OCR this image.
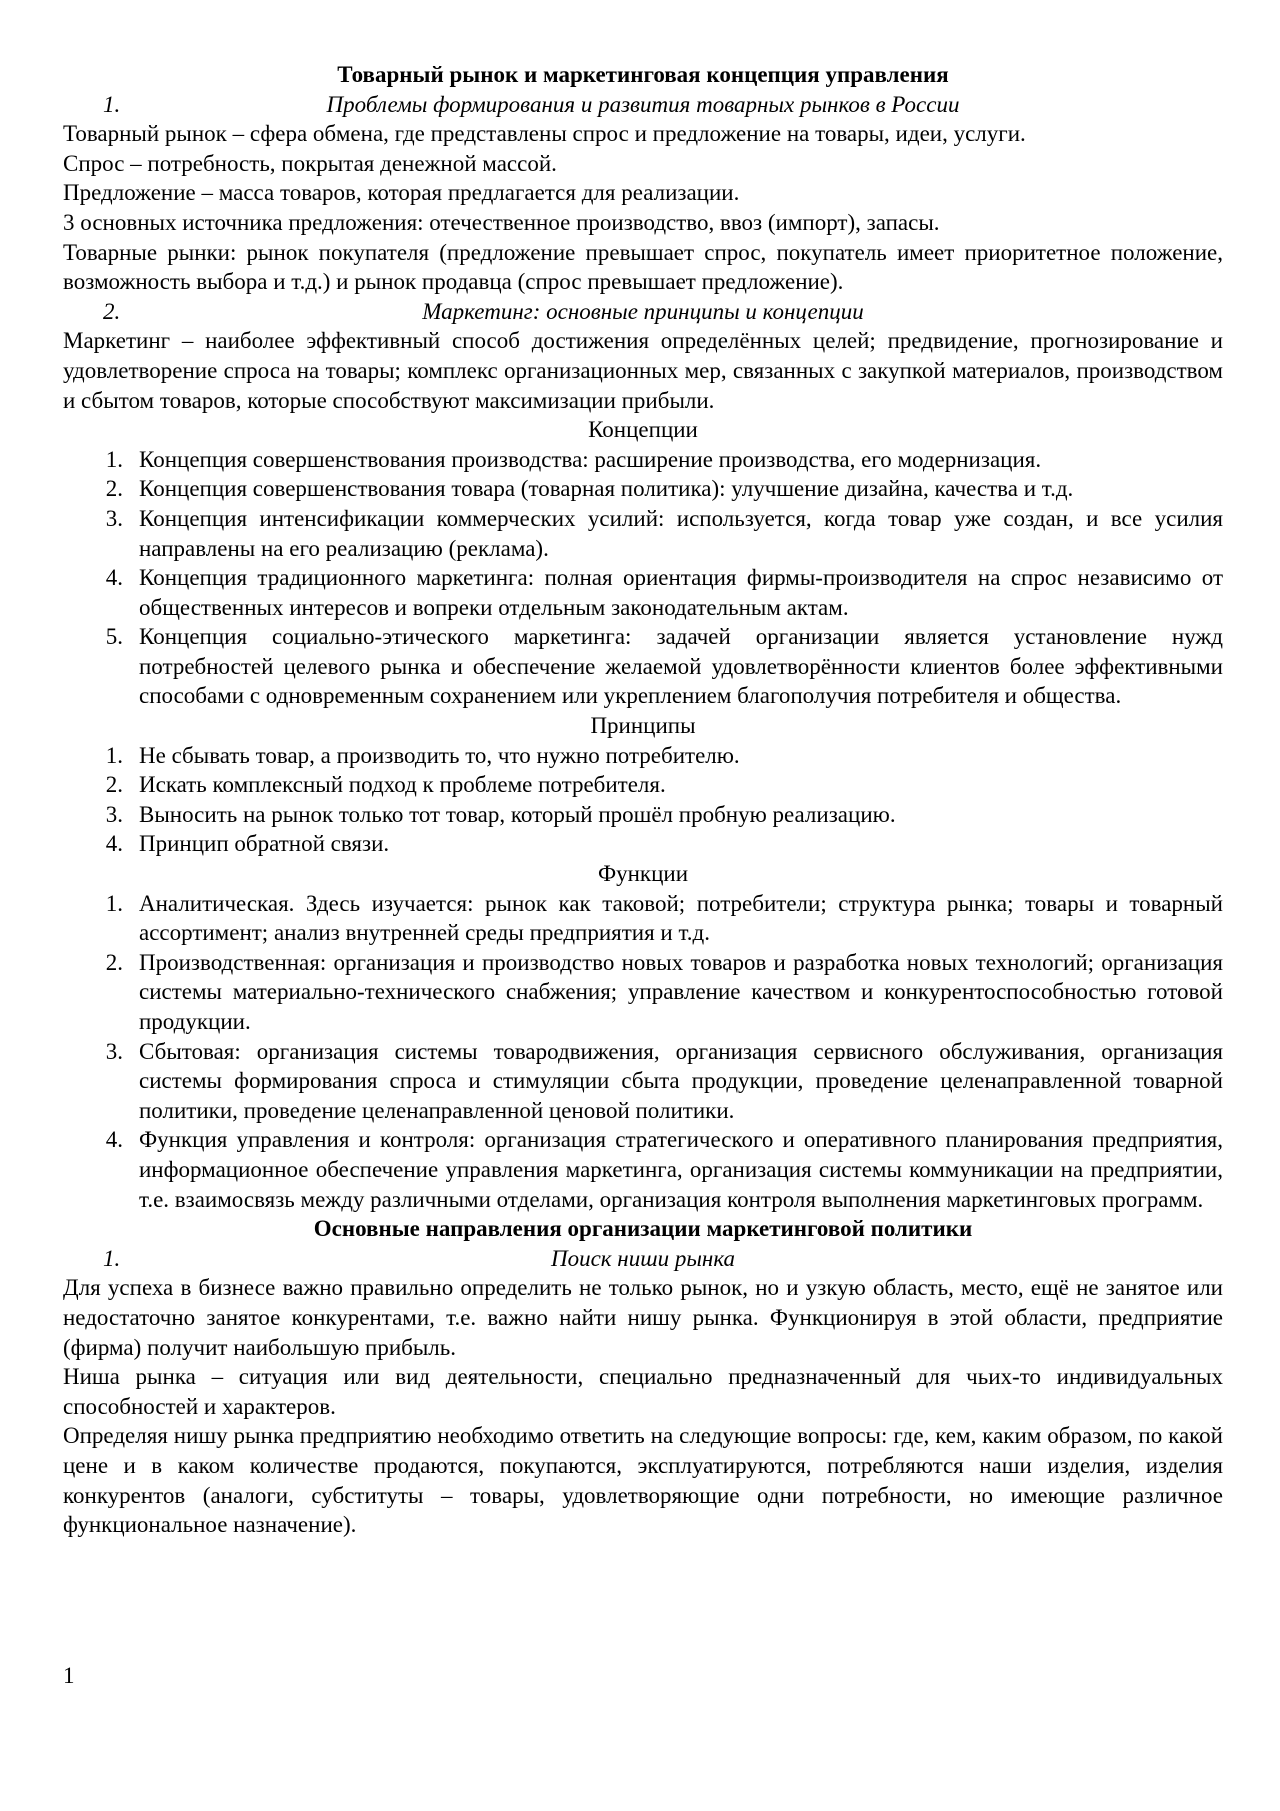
Товарный рынок и маркетинговая концепция управления

1.	Проблемы формирования и развития товарных рынков в России

Товарный рынок – сфера обмена, где представлены спрос и предложение на товары, идеи, услуги.

Спрос – потребность, покрытая денежной массой.

Предложение – масса товаров, которая предлагается для реализации.

3 основных источника предложения: отечественное производство, ввоз (импорт), запасы.

Товарные рынки: рынок покупателя (предложение превышает спрос, покупатель имеет приоритетное положение, возможность выбора и т.д.) и рынок продавца (спрос превышает предложение).

2.	Маркетинг: основные принципы и концепции

Маркетинг – наиболее эффективный способ достижения определённых целей; предвидение, прогнозирование и удовлетворение спроса на товары; комплекс организационных мер, связанных с закупкой материалов, производством и сбытом товаров, которые способствуют максимизации прибыли.

Концепции

1. Концепция совершенствования производства: расширение производства, его модернизация.
2. Концепция совершенствования товара (товарная политика): улучшение дизайна, качества и т.д.
3. Концепция интенсификации коммерческих усилий: используется, когда товар уже создан, и все усилия направлены на его реализацию (реклама).
4. Концепция традиционного маркетинга: полная ориентация фирмы-производителя на спрос независимо от общественных интересов и вопреки отдельным законодательным актам.
5. Концепция социально-этического маркетинга: задачей организации является установление нужд потребностей целевого рынка и обеспечение желаемой удовлетворённости клиентов более эффективными способами с одновременным сохранением или укреплением благополучия потребителя и общества.

Принципы

1. Не сбывать товар, а производить то, что нужно потребителю.
2. Искать комплексный подход к проблеме потребителя.
3. Выносить на рынок только тот товар, который прошёл пробную реализацию.
4. Принцип обратной связи.

Функции

1. Аналитическая. Здесь изучается: рынок как таковой; потребители; структура рынка; товары и товарный ассортимент; анализ внутренней среды предприятия и т.д.
2. Производственная: организация и производство новых товаров и разработка новых технологий; организация системы материально-технического снабжения; управление качеством и конкурентоспособностью готовой продукции.
3. Сбытовая: организация системы товародвижения, организация сервисного обслуживания, организация системы формирования спроса и стимуляции сбыта продукции, проведение целенаправленной товарной политики, проведение целенаправленной ценовой политики.
4. Функция управления и контроля: организация стратегического и оперативного планирования предприятия, информационное обеспечение управления маркетинга, организация системы коммуникации на предприятии, т.е. взаимосвязь между различными отделами, организация контроля выполнения маркетинговых программ.

Основные направления организации маркетинговой политики

1.	Поиск ниши рынка

Для успеха в бизнесе важно правильно определить не только рынок, но и узкую область, место, ещё не занятое или недостаточно занятое конкурентами, т.е. важно найти нишу рынка. Функционируя в этой области, предприятие (фирма) получит наибольшую прибыль.

Ниша рынка – ситуация или вид деятельности, специально предназначенный для чьих-то индивидуальных способностей и характеров.

Определяя нишу рынка предприятию необходимо ответить на следующие вопросы: где, кем, каким образом, по какой цене и в каком количестве продаются, покупаются, эксплуатируются, потребляются наши изделия, изделия конкурентов (аналоги, субституты – товары, удовлетворяющие одни потребности, но имеющие различное функциональное назначение).

1
